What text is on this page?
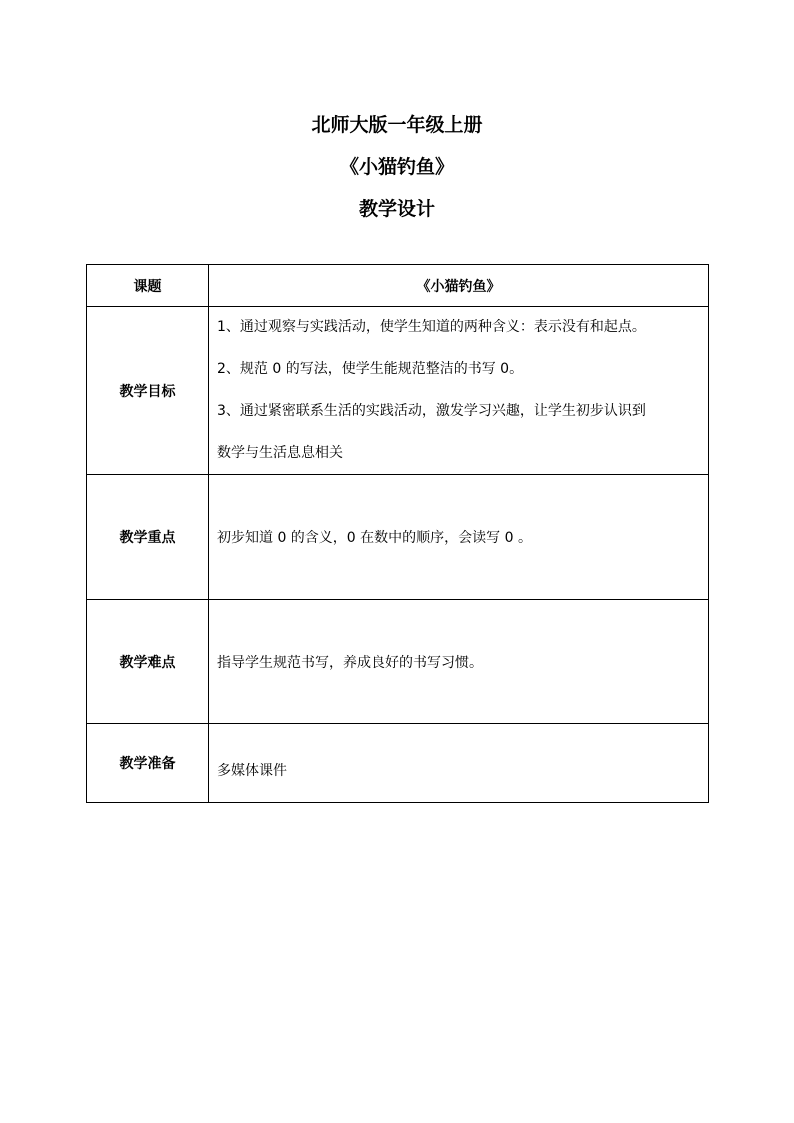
北师大版一年级上册
《小猫钓鱼》
教学设计
课题	《小猫钓鱼》
教学目标	1、通过观察与实践活动，使学生知道的两种含义：表示没有和起点。

2、规范 0 的写法，使学生能规范整洁的书写 0。

3、通过紧密联系生活的实践活动，激发学习兴趣，让学生初步认识到

数学与生活息息相关

教学重点	初步知道 0 的含义，0 在数中的顺序，会读写 0 。
教学难点	指导学生规范书写，养成良好的书写习惯。
教学准备	多媒体课件
